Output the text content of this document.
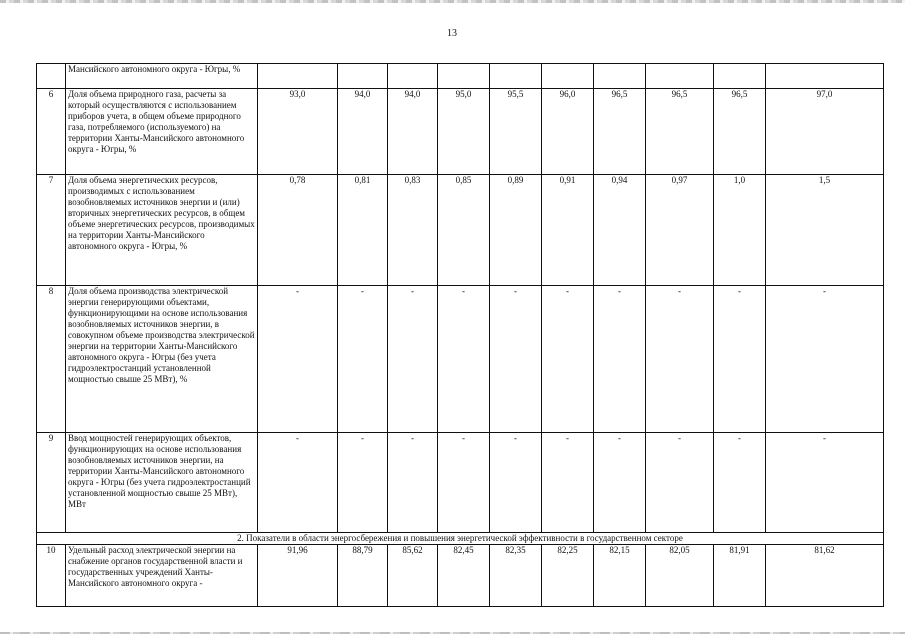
13
	Мансийского автономного округа - Югры, %										
6	Доля объема природного газа, расчеты за который осуществляются с использованием приборов учета, в общем объеме природного газа, потребляемого (используемого) на территории Ханты-Мансийского автономного округа - Югры, %	93,0	94,0	94,0	95,0	95,5	96,0	96,5	96,5	96,5	97,0
7	Доля объема энергетических ресурсов, производимых с использованием возобновляемых источников энергии и (или) вторичных энергетических ресурсов, в общем объеме энергетических ресурсов, производимых на территории Ханты-Мансийского автономного округа - Югры, %	0,78	0,81	0,83	0,85	0,89	0,91	0,94	0,97	1,0	1,5
8	Доля объема производства электрической энергии генерирующими объектами, функционирующими на основе использования возобновляемых источников энергии, в совокупном объеме производства электрической энергии на территории Ханты-Мансийского автономного округа - Югры (без учета гидроэлектростанций установленной мощностью свыше 25 МВт), %	-	-	-	-	-	-	-	-	-	-
9	Ввод мощностей генерирующих объектов, функционирующих на основе использования возобновляемых источников энергии, на территории Ханты-Мансийского автономного округа - Югры (без учета гидроэлектростанций установленной мощностью свыше 25 МВт), МВт	-	-	-	-	-	-	-	-	-	-
2. Показатели в области энергосбережения и повышения энергетической эффективности в государственном секторе											
10	Удельный расход электрической энергии на снабжение органов государственной власти и государственных учреждений Ханты-Мансийского автономного округа -	91,96	88,79	85,62	82,45	82,35	82,25	82,15	82,05	81,91	81,62
